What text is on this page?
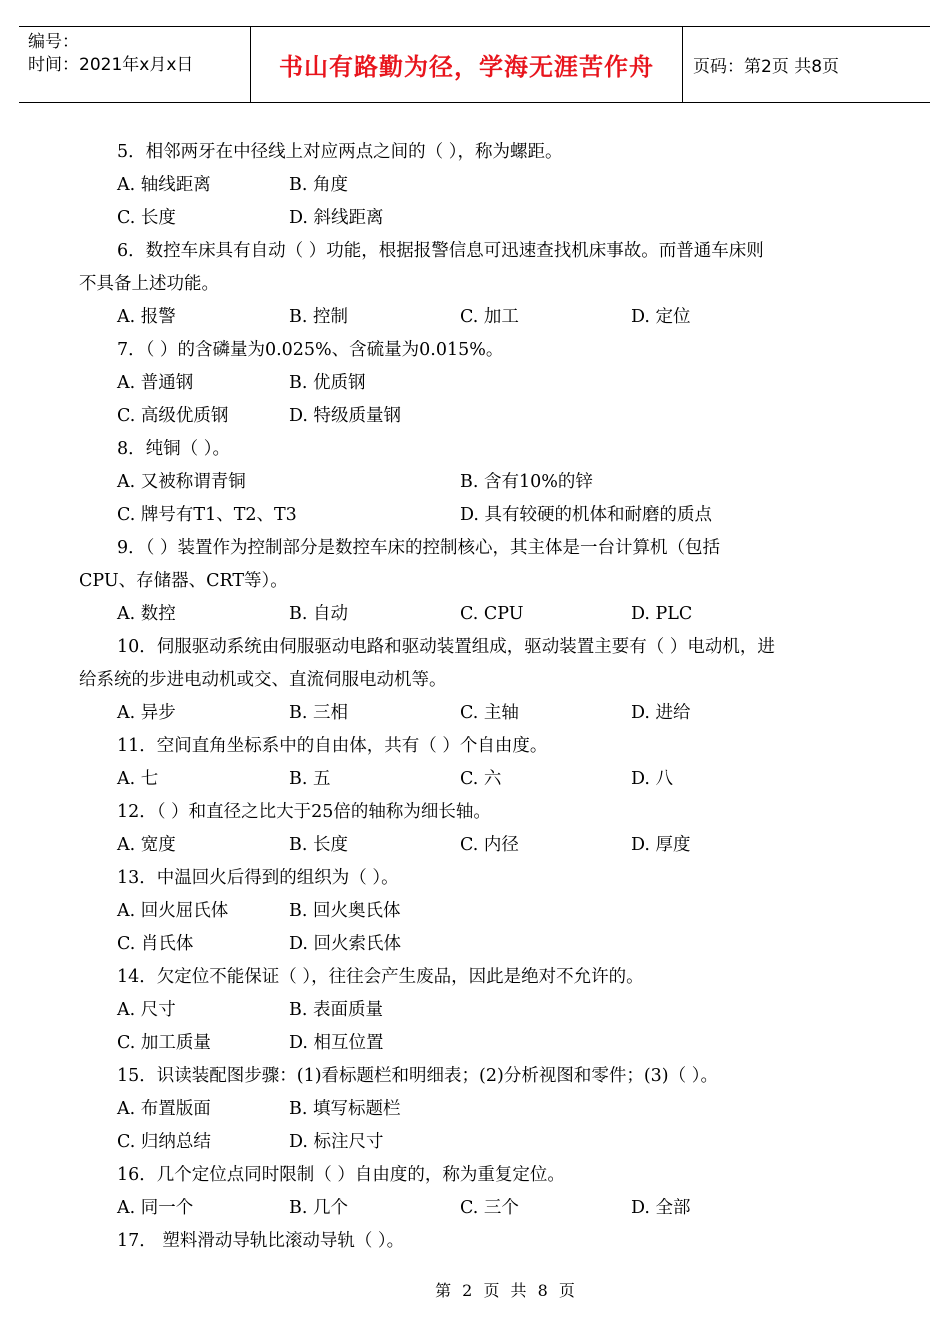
编号：
时间：2021年x月x日	书山有路勤为径，学海无涯苦作舟	页码：第2页 共8页
5．相邻两牙在中径线上对应两点之间的（ ），称为螺距。
A. 轴线距离	B. 角度
C. 长度	D. 斜线距离
6．数控车床具有自动（ ）功能，根据报警信息可迅速查找机床事故。而普通车床则
不具备上述功能。
A. 报警	B. 控制	C. 加工	D. 定位
7．（ ）的含磷量为0.025%、含硫量为0.015%。
A. 普通钢	B. 优质钢
C. 高级优质钢	D. 特级质量钢
8．纯铜（ ）。
A. 又被称谓青铜	B. 含有10%的锌
C. 牌号有T1、T2、T3	D. 具有较硬的机体和耐磨的质点
9．（ ）装置作为控制部分是数控车床的控制核心，其主体是一台计算机（包括
CPU、存储器、CRT等）。
A. 数控	B. 自动	C. CPU	D. PLC
10．伺服驱动系统由伺服驱动电路和驱动装置组成，驱动装置主要有（ ）电动机，进
给系统的步进电动机或交、直流伺服电动机等。
A. 异步	B. 三相	C. 主轴	D. 进给
11．空间直角坐标系中的自由体，共有（ ）个自由度。
A. 七	B. 五	C. 六	D. 八
12．（ ）和直径之比大于25倍的轴称为细长轴。
A. 宽度	B. 长度	C. 内径	D. 厚度
13．中温回火后得到的组织为（ ）。
A. 回火屈氏体	B. 回火奥氏体
C. 肖氏体	D. 回火索氏体
14．欠定位不能保证（ ），往往会产生废品，因此是绝对不允许的。
A. 尺寸	B. 表面质量
C. 加工质量	D. 相互位置
15．识读装配图步骤：(1)看标题栏和明细表；(2)分析视图和零件；(3)（ ）。
A. 布置版面	B. 填写标题栏
C. 归纳总结	D. 标注尺寸
16．几个定位点同时限制（ ）自由度的，称为重复定位。
A. 同一个	B. 几个	C. 三个	D. 全部
17． 塑料滑动导轨比滚动导轨（ ）。
第 2 页 共 8 页
